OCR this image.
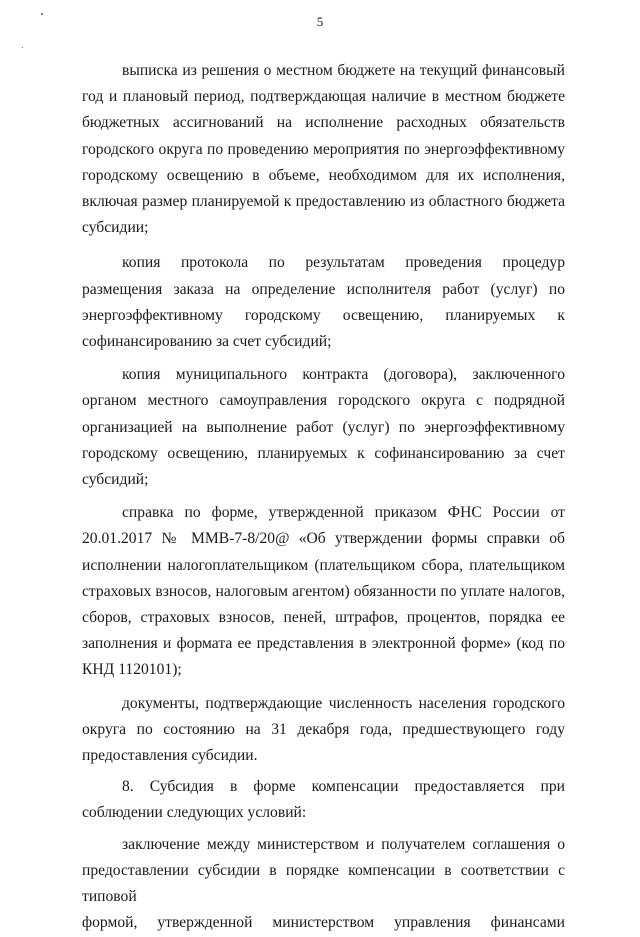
5

выписка из решения о местном бюджете на текущий финансовый год и плановый период, подтверждающая наличие в местном бюджете бюджетных ассигнований на исполнение расходных обязательств городского округа по проведению мероприятия по энергоэффективному городскому освещению в объеме, необходимом для их исполнения, включая размер планируемой к предоставлению из областного бюджета субсидии;

копия протокола по результатам проведения процедур размещения заказа на определение исполнителя работ (услуг) по энергоэффективному городскому освещению, планируемых к софинансированию за счет субсидий;

копия муниципального контракта (договора), заключенного органом местного самоуправления городского округа с подрядной организацией на выполнение работ (услуг) по энергоэффективному городскому освещению, планируемых к софинансированию за счет субсидий;

справка по форме, утвержденной приказом ФНС России от 20.01.2017 № ММВ-7-8/20@ «Об утверждении формы справки об исполнении налогоплательщиком (плательщиком сбора, плательщиком страховых взносов, налоговым агентом) обязанности по уплате налогов, сборов, страховых взносов, пеней, штрафов, процентов, порядка ее заполнения и формата ее представления в электронной форме» (код по КНД 1120101);

документы, подтверждающие численность населения городского округа по состоянию на 31 декабря года, предшествующего году предоставления субсидии.

8. Субсидия в форме компенсации предоставляется при соблюдении следующих условий:

заключение между министерством и получателем соглашения о предоставлении субсидии в порядке компенсации в соответствии с типовой

формой, утвержденной министерством управления финансами
